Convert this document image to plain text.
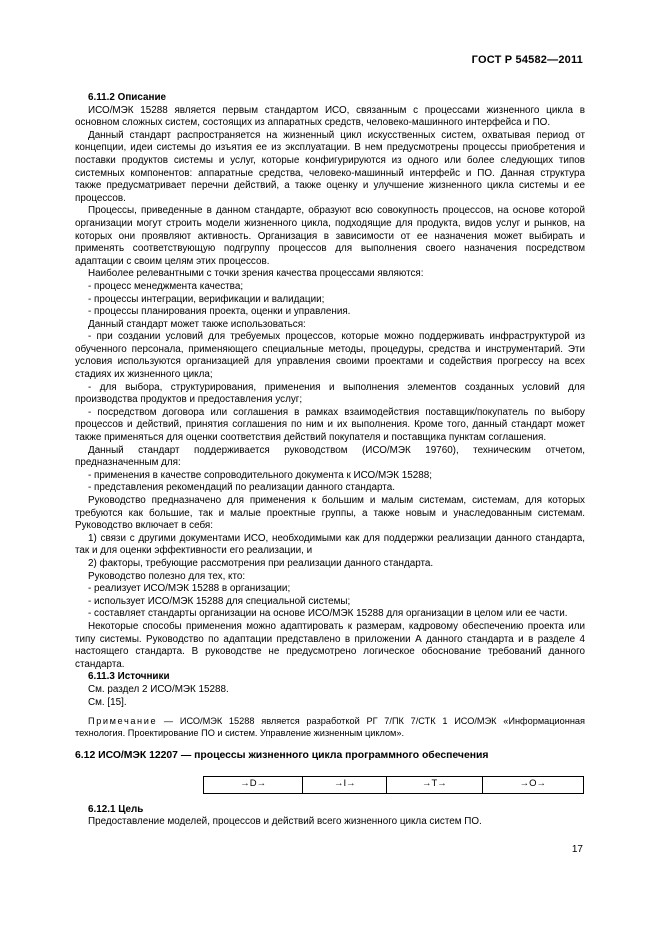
ГОСТ Р 54582—2011

6.11.2 Описание

ИСО/МЭК 15288 является первым стандартом ИСО, связанным с процессами жизненного цикла в основном сложных систем, состоящих из аппаратных средств, человеко-машинного интерфейса и ПО.

Данный стандарт распространяется на жизненный цикл искусственных систем, охватывая период от концепции, идеи системы до изъятия ее из эксплуатации. В нем предусмотрены процессы приобретения и поставки продуктов системы и услуг, которые конфигурируются из одного или более следующих типов системных компонентов: аппаратные средства, человеко-машинный интерфейс и ПО. Данная структура также предусматривает перечни действий, а также оценку и улучшение жизненного цикла системы и ее процессов.

Процессы, приведенные в данном стандарте, образуют всю совокупность процессов, на основе которой организации могут строить модели жизненного цикла, подходящие для продукта, видов услуг и рынков, на которых они проявляют активность. Организация в зависимости от ее назначения может выбирать и применять соответствующую подгруппу процессов для выполнения своего назначения посредством адаптации с своим целям этих процессов.

Наиболее релевантными с точки зрения качества процессами являются:

- процесс менеджмента качества;

- процессы интеграции, верификации и валидации;

- процессы планирования проекта, оценки и управления.

Данный стандарт может также использоваться:

- при создании условий для требуемых процессов, которые можно поддерживать инфраструктурой из обученного персонала, применяющего специальные методы, процедуры, средства и инструментарий. Эти условия используются организацией для управления своими проектами и содействия прогрессу на всех стадиях их жизненного цикла;

- для выбора, структурирования, применения и выполнения элементов созданных условий для производства продуктов и предоставления услуг;

- посредством договора или соглашения в рамках взаимодействия поставщик/покупатель по выбору процессов и действий, принятия соглашения по ним и их выполнения. Кроме того, данный стандарт может также применяться для оценки соответствия действий покупателя и поставщика пунктам соглашения.

Данный стандарт поддерживается руководством (ИСО/МЭК 19760), техническим отчетом, предназначенным для:

- применения в качестве сопроводительного документа к ИСО/МЭК 15288;

- представления рекомендаций по реализации данного стандарта.

Руководство предназначено для применения к большим и малым системам, системам, для которых требуются как большие, так и малые проектные группы, а также новым и унаследованным системам. Руководство включает в себя:

1) связи с другими документами ИСО, необходимыми как для поддержки реализации данного стандарта, так и для оценки эффективности его реализации, и

2) факторы, требующие рассмотрения при реализации данного стандарта.

Руководство полезно для тех, кто:

- реализует ИСО/МЭК 15288 в организации;

- использует ИСО/МЭК 15288 для специальной системы;

- составляет стандарты организации на основе ИСО/МЭК 15288 для организации в целом или ее части.

Некоторые способы применения можно адаптировать к размерам, кадровому обеспечению проекта или типу системы. Руководство по адаптации представлено в приложении А данного стандарта и в разделе 4 настоящего стандарта. В руководстве не предусмотрено логическое обоснование требований данного стандарта.

6.11.3 Источники

См. раздел 2 ИСО/МЭК 15288.

См. [15].

Примечание — ИСО/МЭК 15288 является разработкой РГ 7/ПК 7/СТК 1 ИСО/МЭК «Информационная технология. Проектирование ПО и систем. Управление жизненным циклом».

6.12 ИСО/МЭК 12207 — процессы жизненного цикла программного обеспечения

→D→	→I→	→T→	→O→

6.12.1 Цель

Предоставление моделей, процессов и действий всего жизненного цикла систем ПО.

17
